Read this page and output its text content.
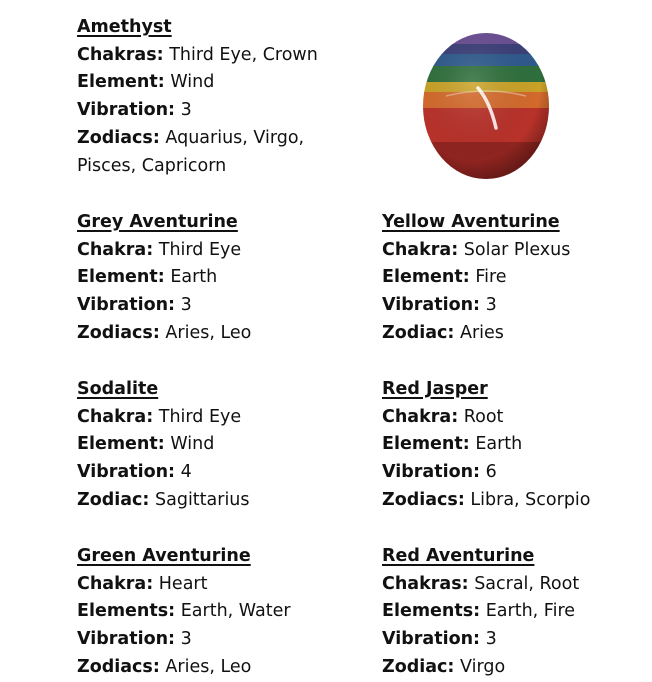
Amethyst
Chakras: Third Eye, Crown
Element: Wind
Vibration: 3
Zodiacs: Aquarius, Virgo, Pisces, Capricorn
Grey Aventurine
Chakra: Third Eye
Element: Earth
Vibration: 3
Zodiacs: Aries, Leo
Yellow Aventurine
Chakra: Solar Plexus
Element: Fire
Vibration: 3
Zodiac: Aries
Sodalite
Chakra: Third Eye
Element: Wind
Vibration: 4
Zodiac: Sagittarius
Red Jasper
Chakra: Root
Element: Earth
Vibration: 6
Zodiacs: Libra, Scorpio
Green Aventurine
Chakra: Heart
Elements: Earth, Water
Vibration: 3
Zodiacs: Aries, Leo
Red Aventurine
Chakras: Sacral, Root
Elements: Earth, Fire
Vibration: 3
Zodiac: Virgo
